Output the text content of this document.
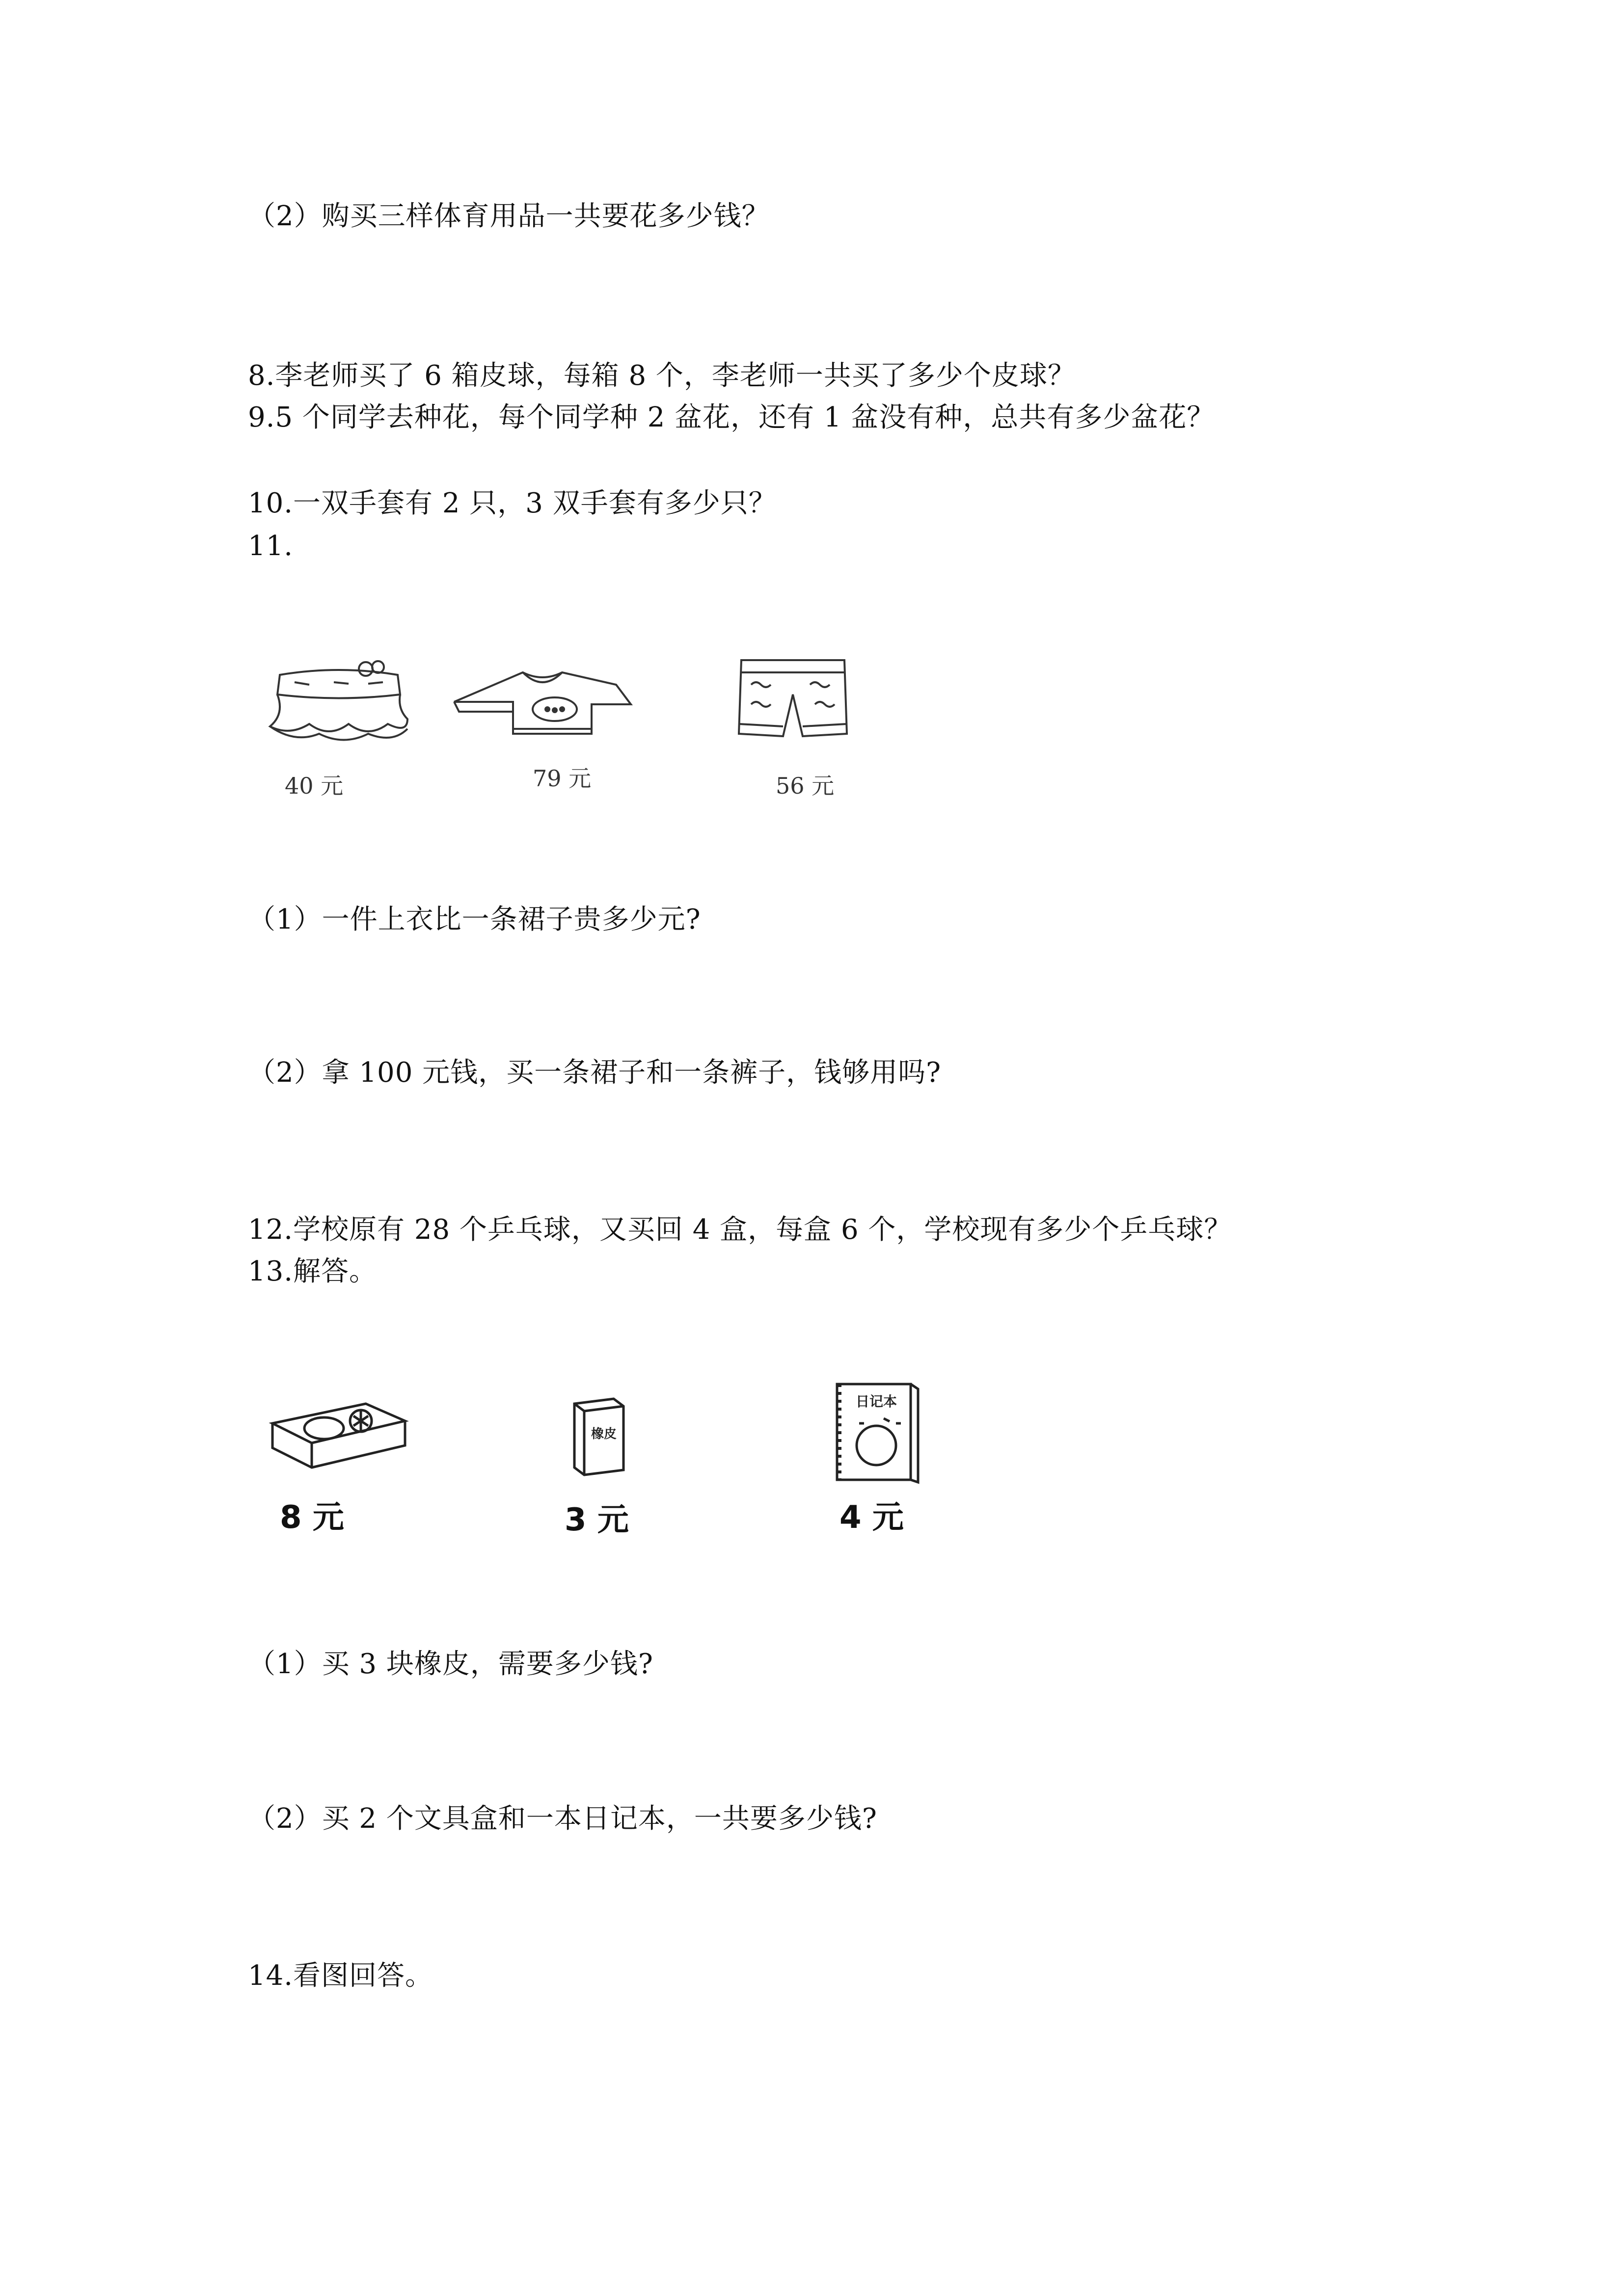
（2）购买三样体育用品一共要花多少钱？
8.李老师买了 6 箱皮球，每箱 8 个，李老师一共买了多少个皮球？
9.5 个同学去种花，每个同学种 2 盆花，还有 1 盆没有种，总共有多少盆花？
10.一双手套有 2 只，3 双手套有多少只？
11.
40 元	79 元	56 元
（1）一件上衣比一条裙子贵多少元?
（2）拿 100 元钱，买一条裙子和一条裤子，钱够用吗?
12.学校原有 28 个乒乓球，又买回 4 盒，每盒 6 个，学校现有多少个乒乓球？
13.解答。
橡皮
日记本
8 元	3 元	4 元
（1）买 3 块橡皮，需要多少钱?
（2）买 2 个文具盒和一本日记本，一共要多少钱?
14.看图回答。
